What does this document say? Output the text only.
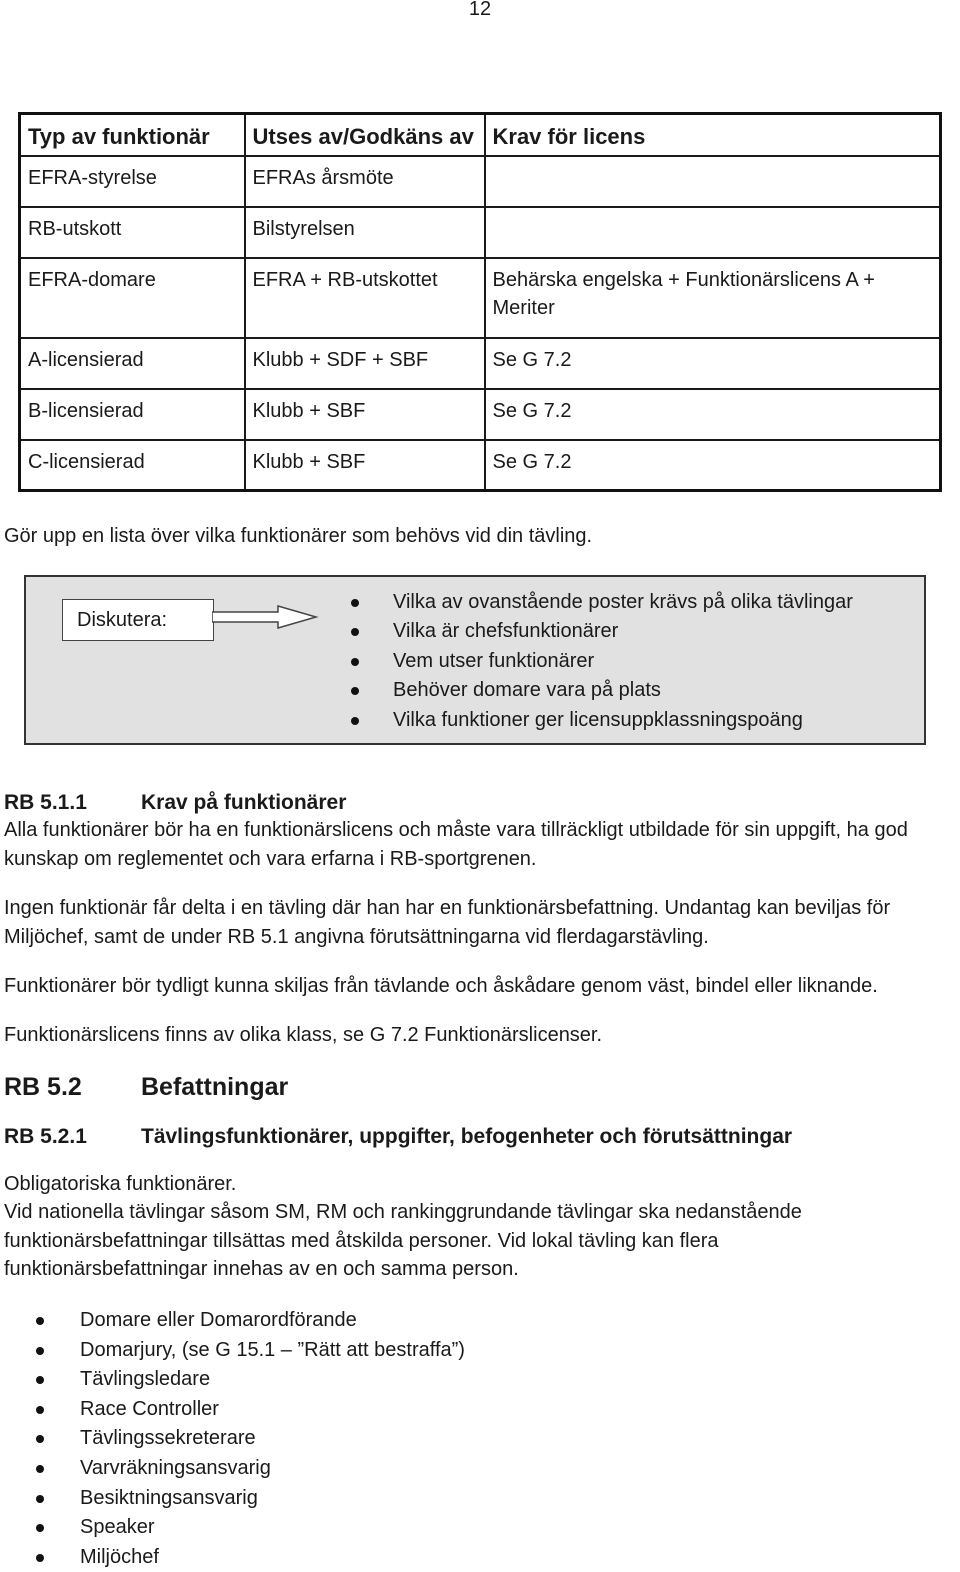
12
Typ av funktionär	Utses av/Godkäns av	Krav för licens
EFRA-styrelse	EFRAs årsmöte	
RB-utskott	Bilstyrelsen	
EFRA-domare	EFRA + RB-utskottet	Behärska engelska + Funktionärslicens A + Meriter
A-licensierad	Klubb + SDF + SBF	Se G 7.2
B-licensierad	Klubb + SBF	Se G 7.2
C-licensierad	Klubb + SBF	Se G 7.2

Gör upp en lista över vilka funktionärer som behövs vid din tävling.

Diskutera:
Vilka av ovanstående poster krävs på olika tävlingar
Vilka är chefsfunktionärer
Vem utser funktionärer
Behöver domare vara på plats
Vilka funktioner ger licensuppklassningspoäng
RB 5.1.1	Krav på funktionärer

Alla funktionärer bör ha en funktionärslicens och måste vara tillräckligt utbildade för sin uppgift, ha god kunskap om reglementet och vara erfarna i RB-sportgrenen.

Ingen funktionär får delta i en tävling där han har en funktionärsbefattning. Undantag kan beviljas för Miljöchef, samt de under RB 5.1 angivna förutsättningarna vid flerdagarstävling.

Funktionärer bör tydligt kunna skiljas från tävlande och åskådare genom väst, bindel eller liknande.

Funktionärslicens finns av olika klass, se G 7.2 Funktionärslicenser.

RB 5.2 Befattningar
RB 5.2.1	Tävlingsfunktionärer, uppgifter, befogenheter och förutsättningar

Obligatoriska funktionärer.

Vid nationella tävlingar såsom SM, RM och rankinggrundande tävlingar ska nedanstående funktionärsbefattningar tillsättas med åtskilda personer. Vid lokal tävling kan flera funktionärsbefattningar innehas av en och samma person.

Domare eller Domarordförande
Domarjury, (se G 15.1 – ”Rätt att bestraffa”)
Tävlingsledare
Race Controller
Tävlingssekreterare
Varvräkningsansvarig
Besiktningsansvarig
Speaker
Miljöchef
